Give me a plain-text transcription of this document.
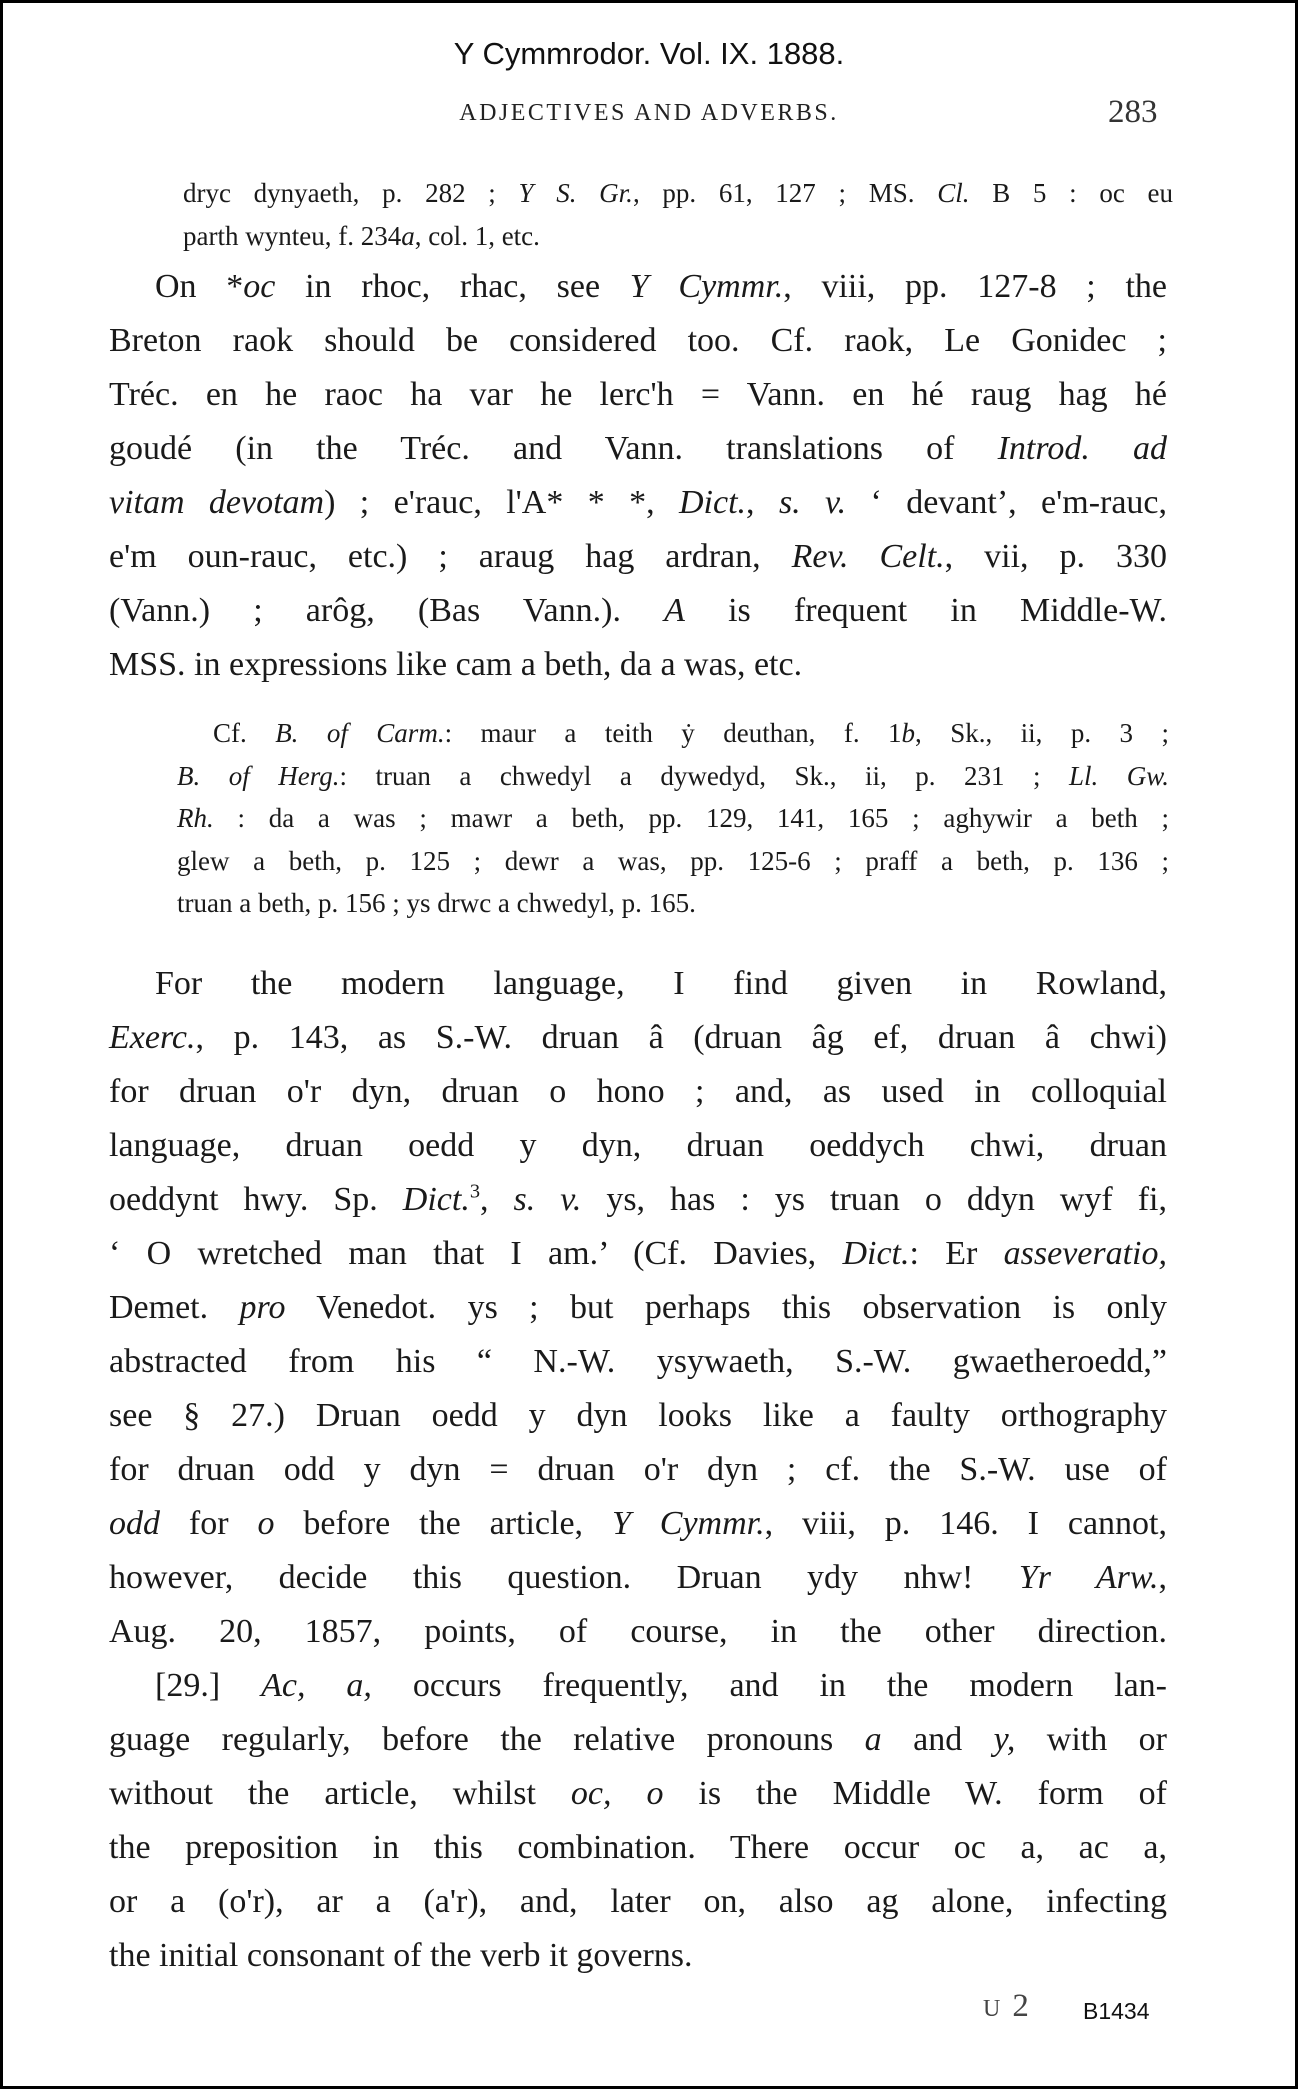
Y Cymmrodor. Vol. IX. 1888.
ADJECTIVES AND ADVERBS.	283
dryc dynyaeth, p. 282 ; Y S. Gr., pp. 61, 127 ; MS. Cl. B 5 : oc eu
parth wynteu, f. 234a, col. 1, etc.
On *oc in rhoc, rhac, see Y Cymmr., viii, pp. 127-8 ; the
Breton raok should be considered too. Cf. raok, Le Gonidec ;
Tréc. en he raoc ha var he lerc'h = Vann. en hé raug hag hé
goudé (in the Tréc. and Vann. translations of Introd. ad
vitam devotam) ; e'rauc, l'A* * *, Dict., s. v. ‘ devant’, e'm-rauc,
e'm oun-rauc, etc.) ; araug hag ardran, Rev. Celt., vii, p. 330
(Vann.) ; arôg, (Bas Vann.). A is frequent in Middle-W.
MSS. in expressions like cam a beth, da a was, etc.
Cf. B. of Carm.: maur a teith ẏ deuthan, f. 1b, Sk., ii, p. 3 ;
B. of Herg.: truan a chwedyl a dywedyd, Sk., ii, p. 231 ; Ll. Gw.
Rh. : da a was ; mawr a beth, pp. 129, 141, 165 ; aghywir a beth ;
glew a beth, p. 125 ; dewr a was, pp. 125-6 ; praff a beth, p. 136 ;
truan a beth, p. 156 ; ys drwc a chwedyl, p. 165.
For the modern language, I find given in Rowland,
Exerc., p. 143, as S.-W. druan â (druan âg ef, druan â chwi)
for druan o'r dyn, druan o hono ; and, as used in colloquial
language, druan oedd y dyn, druan oeddych chwi, druan
oeddynt hwy. Sp. Dict.$^3$, s. v. ys, has : ys truan o ddyn wyf fi,
‘ O wretched man that I am.’ (Cf. Davies, Dict.: Er asseveratio,
Demet. pro Venedot. ys ; but perhaps this observation is only
abstracted from his “ N.-W. ysywaeth, S.-W. gwaetheroedd,”
see § 27.) Druan oedd y dyn looks like a faulty orthography
for druan odd y dyn = druan o'r dyn ; cf. the S.-W. use of
odd for o before the article, Y Cymmr., viii, p. 146. I cannot,
however, decide this question. Druan ydy nhw! Yr Arw.,
Aug. 20, 1857, points, of course, in the other direction.
[29.] Ac, a, occurs frequently, and in the modern lan-
guage regularly, before the relative pronouns a and y, with or
without the article, whilst oc, o is the Middle W. form of
the preposition in this combination. There occur oc a, ac a,
or a (o'r), ar a (a'r), and, later on, also ag alone, infecting
the initial consonant of the verb it governs.
U 2 B1434
